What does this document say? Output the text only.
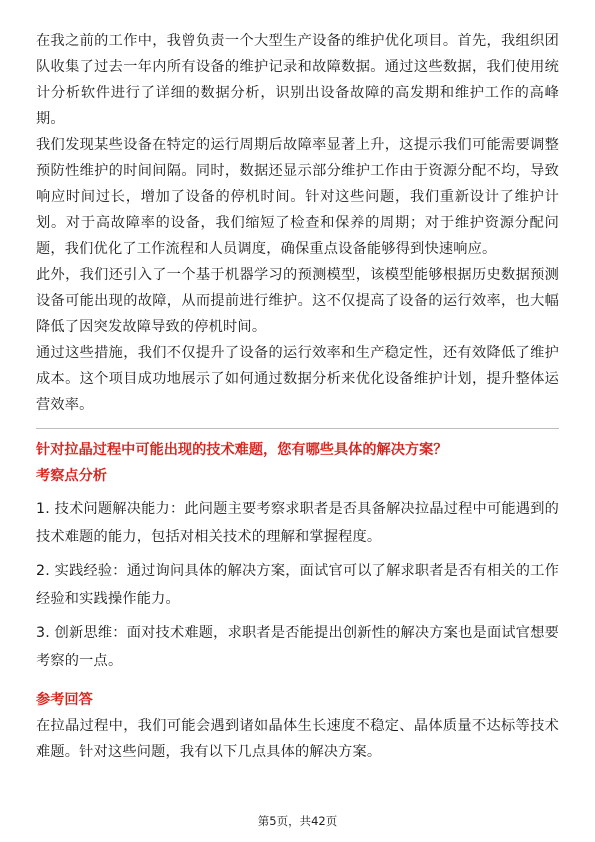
在我之前的工作中，我曾负责一个大型生产设备的维护优化项目。首先，我组织团队收集了过去一年内所有设备的维护记录和故障数据。通过这些数据，我们使用统计分析软件进行了详细的数据分析，识别出设备故障的高发期和维护工作的高峰期。

我们发现某些设备在特定的运行周期后故障率显著上升，这提示我们可能需要调整预防性维护的时间间隔。同时，数据还显示部分维护工作由于资源分配不均，导致响应时间过长，增加了设备的停机时间。针对这些问题，我们重新设计了维护计划。对于高故障率的设备，我们缩短了检查和保养的周期；对于维护资源分配问题，我们优化了工作流程和人员调度，确保重点设备能够得到快速响应。

此外，我们还引入了一个基于机器学习的预测模型，该模型能够根据历史数据预测设备可能出现的故障，从而提前进行维护。这不仅提高了设备的运行效率，也大幅降低了因突发故障导致的停机时间。

通过这些措施，我们不仅提升了设备的运行效率和生产稳定性，还有效降低了维护成本。这个项目成功地展示了如何通过数据分析来优化设备维护计划，提升整体运营效率。

针对拉晶过程中可能出现的技术难题，您有哪些具体的解决方案？

考察点分析

1. 技术问题解决能力：此问题主要考察求职者是否具备解决拉晶过程中可能遇到的技术难题的能力，包括对相关技术的理解和掌握程度。

2. 实践经验：通过询问具体的解决方案，面试官可以了解求职者是否有相关的工作经验和实践操作能力。

3. 创新思维：面对技术难题，求职者是否能提出创新性的解决方案也是面试官想要考察的一点。

参考回答

在拉晶过程中，我们可能会遇到诸如晶体生长速度不稳定、晶体质量不达标等技术难题。针对这些问题，我有以下几点具体的解决方案。

第5页，共42页
